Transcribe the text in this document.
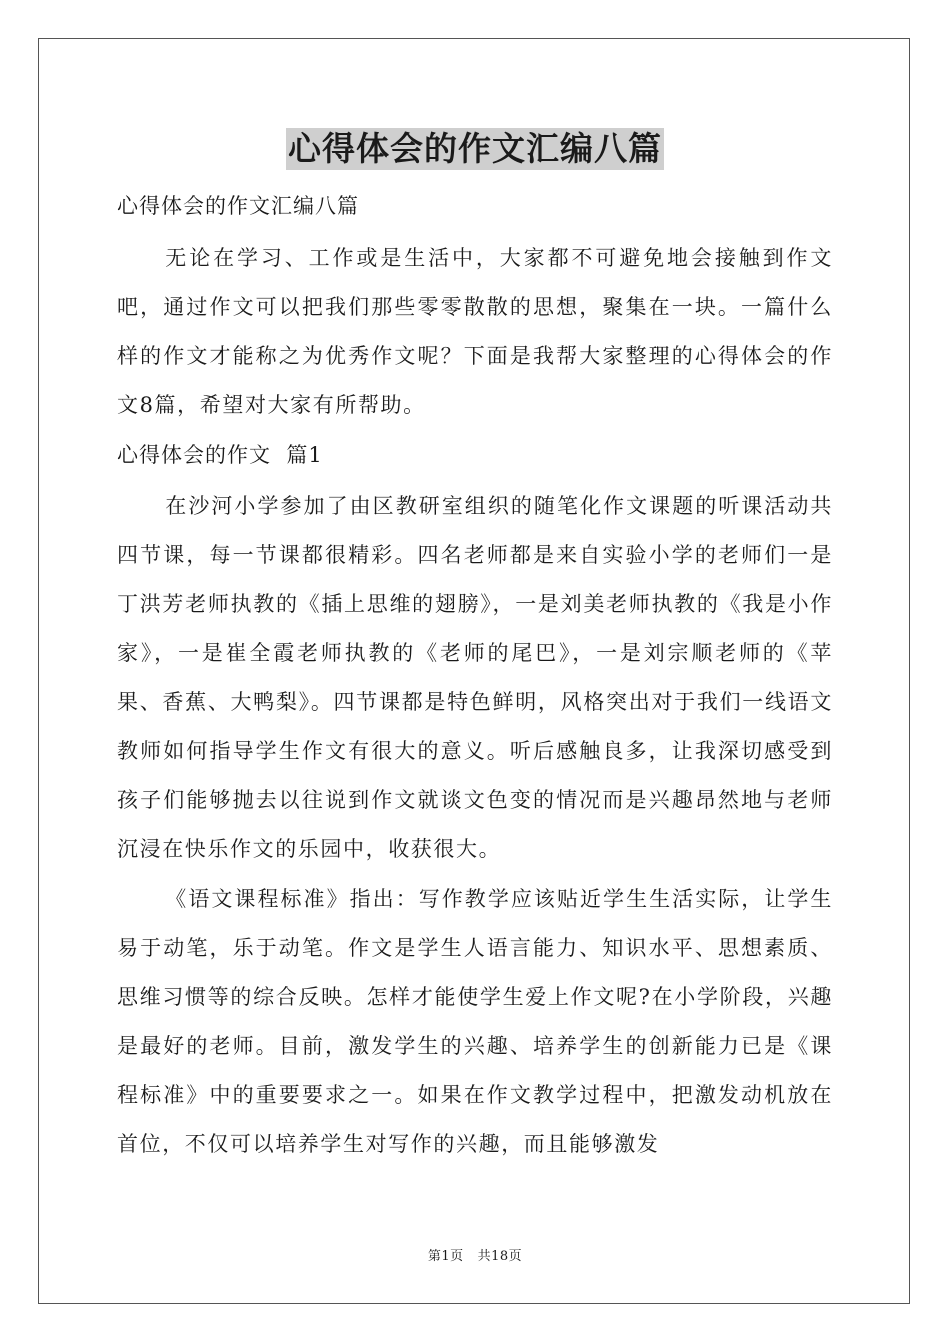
心得体会的作文汇编八篇
心得体会的作文汇编八篇

无论在学习、工作或是生活中，大家都不可避免地会接触到作文吧，通过作文可以把我们那些零零散散的思想，聚集在一块。一篇什么样的作文才能称之为优秀作文呢？下面是我帮大家整理的心得体会的作文8篇，希望对大家有所帮助。

心得体会的作文  篇1

在沙河小学参加了由区教研室组织的随笔化作文课题的听课活动共四节课，每一节课都很精彩。四名老师都是来自实验小学的老师们一是丁洪芳老师执教的《插上思维的翅膀》，一是刘美老师执教的《我是小作家》，一是崔全霞老师执教的《老师的尾巴》，一是刘宗顺老师的《苹果、香蕉、大鸭梨》。四节课都是特色鲜明，风格突出对于我们一线语文教师如何指导学生作文有很大的意义。听后感触良多，让我深切感受到孩子们能够抛去以往说到作文就谈文色变的情况而是兴趣昂然地与老师沉浸在快乐作文的乐园中，收获很大。

《语文课程标准》指出：写作教学应该贴近学生生活实际，让学生易于动笔，乐于动笔。作文是学生人语言能力、知识水平、思想素质、思维习惯等的综合反映。怎样才能使学生爱上作文呢?在小学阶段，兴趣是最好的老师。目前，激发学生的兴趣、培养学生的创新能力已是《课程标准》中的重要要求之一。如果在作文教学过程中，把激发动机放在首位，不仅可以培养学生对写作的兴趣，而且能够激发

第1页 共18页
